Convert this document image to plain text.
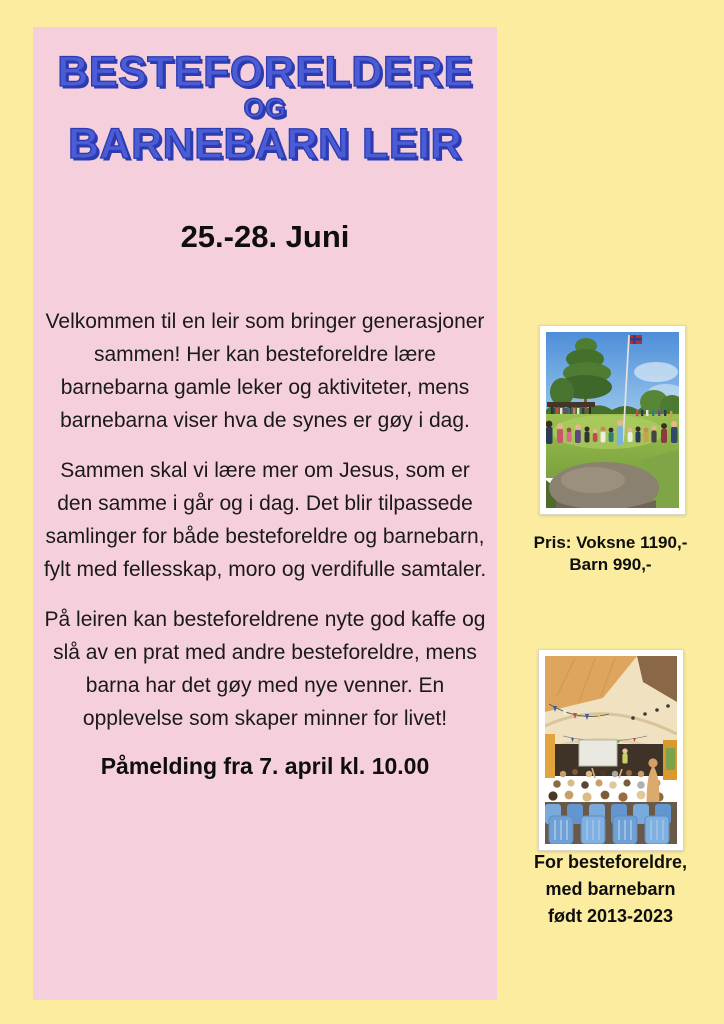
BESTEFORELDERE
OG
BARNEBARN LEIR
25.-28. Juni

Velkommen til en leir som bringer generasjoner sammen! Her kan besteforeldre lære barnebarna gamle leker og aktiviteter, mens barnebarna viser hva de synes er gøy i dag.

Sammen skal vi lære mer om Jesus, som er den samme i går og i dag. Det blir tilpassede samlinger for både besteforeldre og barnebarn, fylt med fellesskap, moro og verdifulle samtaler.

På leiren kan besteforeldrene nyte god kaffe og slå av en prat med andre besteforeldre, mens barna har det gøy med nye venner. En opplevelse som skaper minner for livet!

Påmelding fra 7. april kl. 10.00
Pris: Voksne 1190,-
Barn 990,-
For besteforeldre,
med barnebarn
født 2013-2023
